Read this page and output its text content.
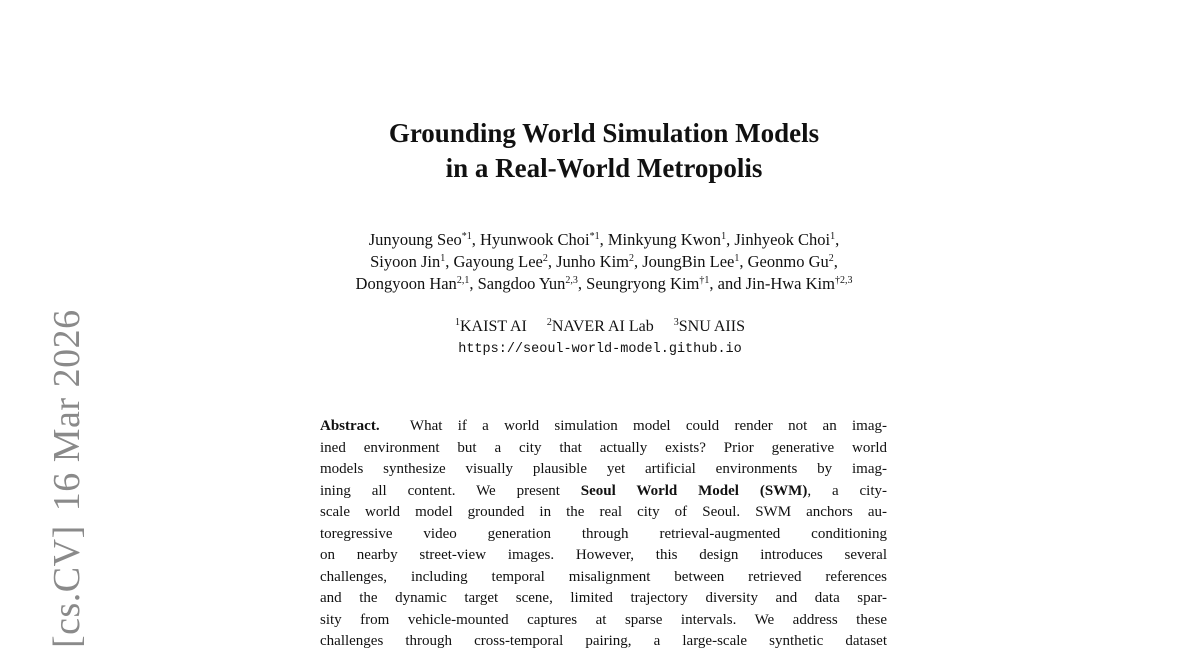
[cs.CV]16 Mar 2026
Grounding World Simulation Models
in a Real-World Metropolis
Junyoung Seo$^{*1}$, Hyunwook Choi$^{*1}$, Minkyung Kwon$^1$, Jinhyeok Choi$^1$,
Siyoon Jin$^1$, Gayoung Lee$^2$, Junho Kim$^2$, JoungBin Lee$^1$, Geonmo Gu$^2$,
Dongyoon Han$^{2,1}$, Sangdoo Yun$^{2,3}$, Seungryong Kim$^{\dagger 1}$, and Jin-Hwa Kim$^{\dagger 2,3}$
$^1$KAIST AI $^2$NAVER AI Lab $^3$SNU AIIS
https://seoul-world-model.github.io
Abstract. What if a world simulation model could render not an imag-
ined environment but a city that actually exists? Prior generative world
models synthesize visually plausible yet artificial environments by imag-
ining all content. We present Seoul World Model (SWM), a city-
scale world model grounded in the real city of Seoul. SWM anchors au-
toregressive video generation through retrieval-augmented conditioning
on nearby street-view images. However, this design introduces several
challenges, including temporal misalignment between retrieved references
and the dynamic target scene, limited trajectory diversity and data spar-
sity from vehicle-mounted captures at sparse intervals. We address these
challenges through cross-temporal pairing, a large-scale synthetic dataset
